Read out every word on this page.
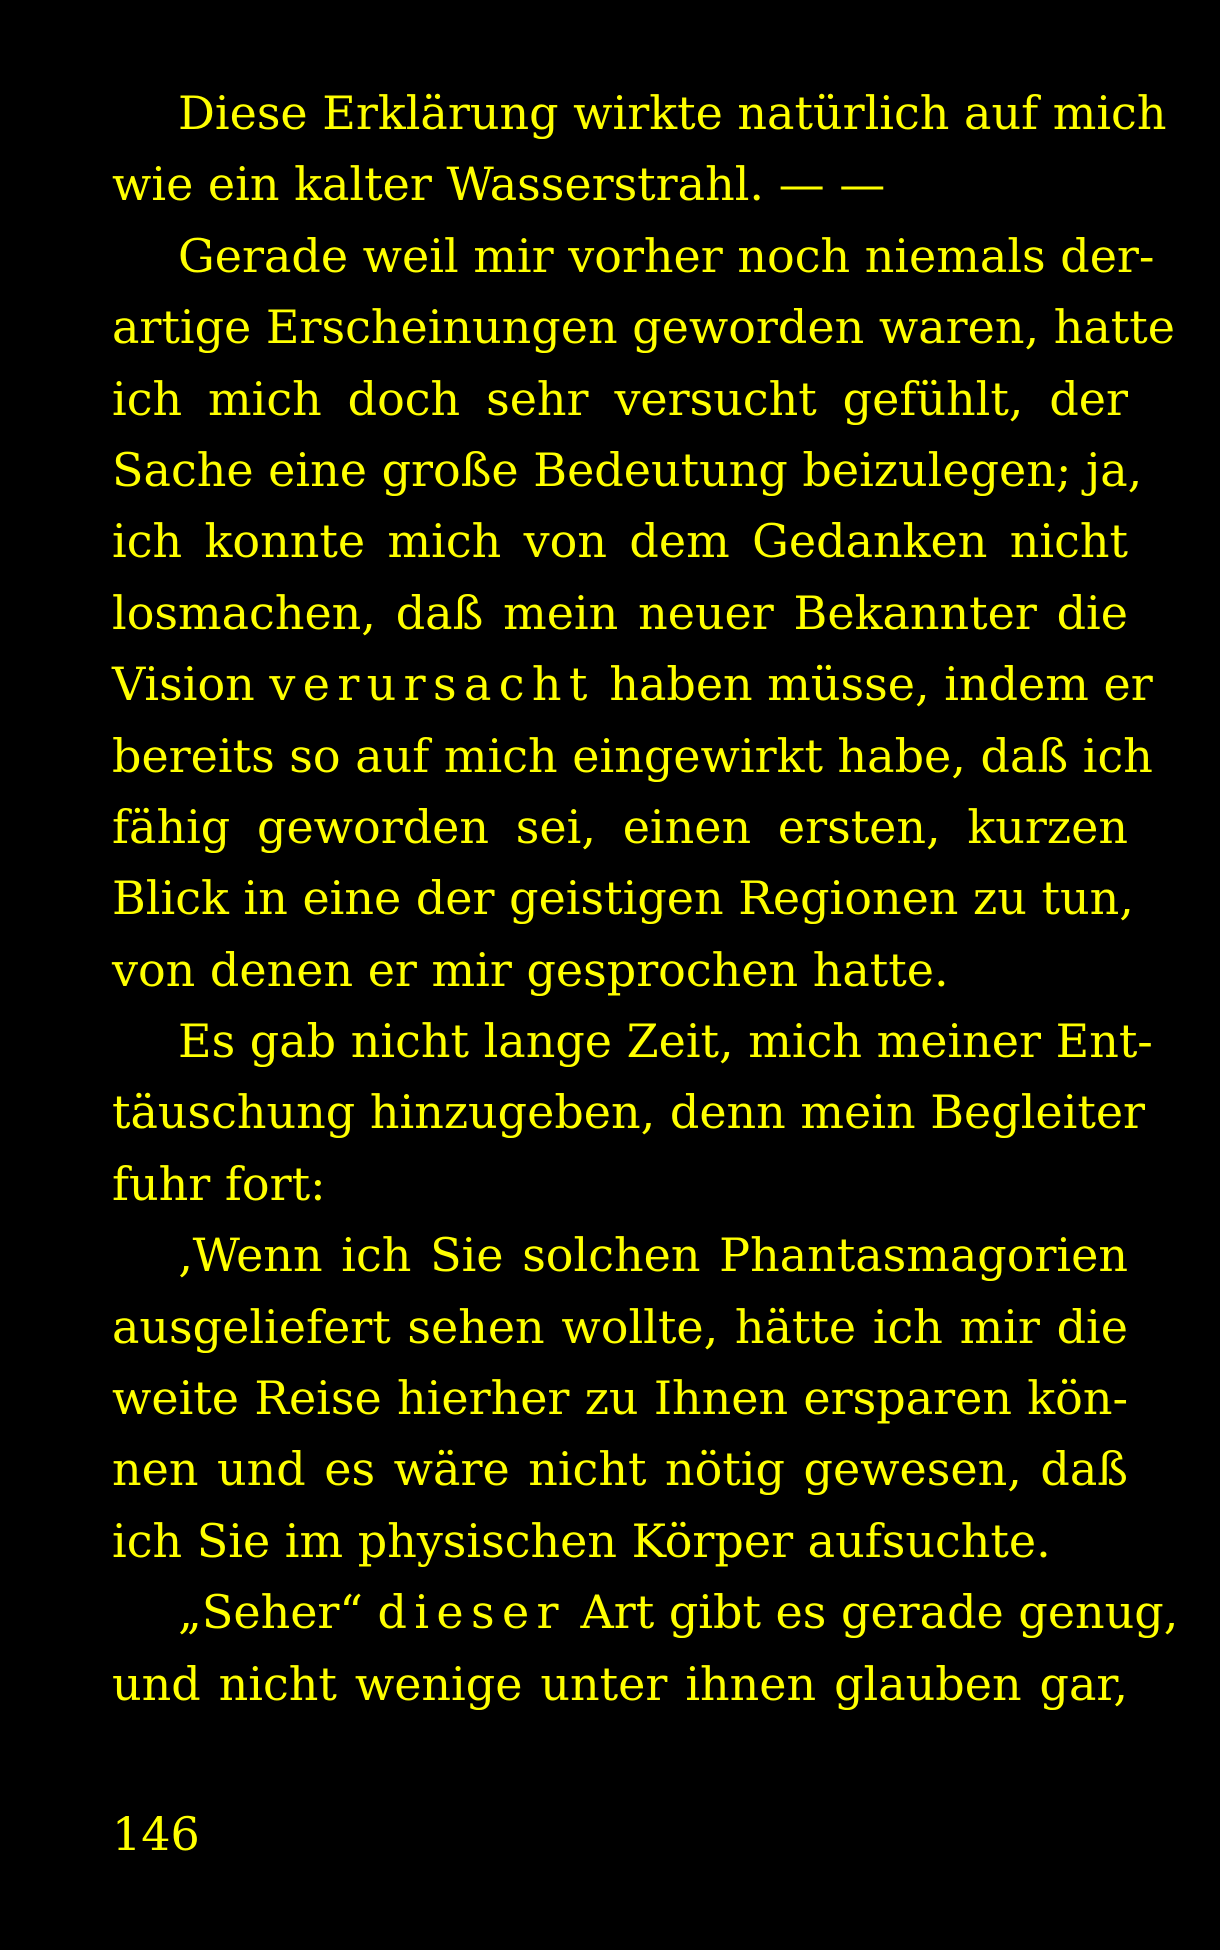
Diese Erklärung wirkte natürlich auf mich
wie ein kalter Wasserstrahl. — —
Gerade weil mir vorher noch niemals der-
artige Erscheinungen geworden waren, hatte
ich mich doch sehr versucht gefühlt, der
Sache eine große Bedeutung beizulegen; ja,
ich konnte mich von dem Gedanken nicht
losmachen, daß mein neuer Bekannter die
Vision verursacht haben müsse, indem er
bereits so auf mich eingewirkt habe, daß ich
fähig geworden sei, einen ersten, kurzen
Blick in eine der geistigen Regionen zu tun,
von denen er mir gesprochen hatte.
Es gab nicht lange Zeit, mich meiner Ent-
täuschung hinzugeben, denn mein Begleiter
fuhr fort:
‚Wenn ich Sie solchen Phantasmagorien
ausgeliefert sehen wollte, hätte ich mir die
weite Reise hierher zu Ihnen ersparen kön-
nen und es wäre nicht nötig gewesen, daß
ich Sie im physischen Körper aufsuchte.
„Seher“ dieser Art gibt es gerade genug,
und nicht wenige unter ihnen glauben gar,
146
